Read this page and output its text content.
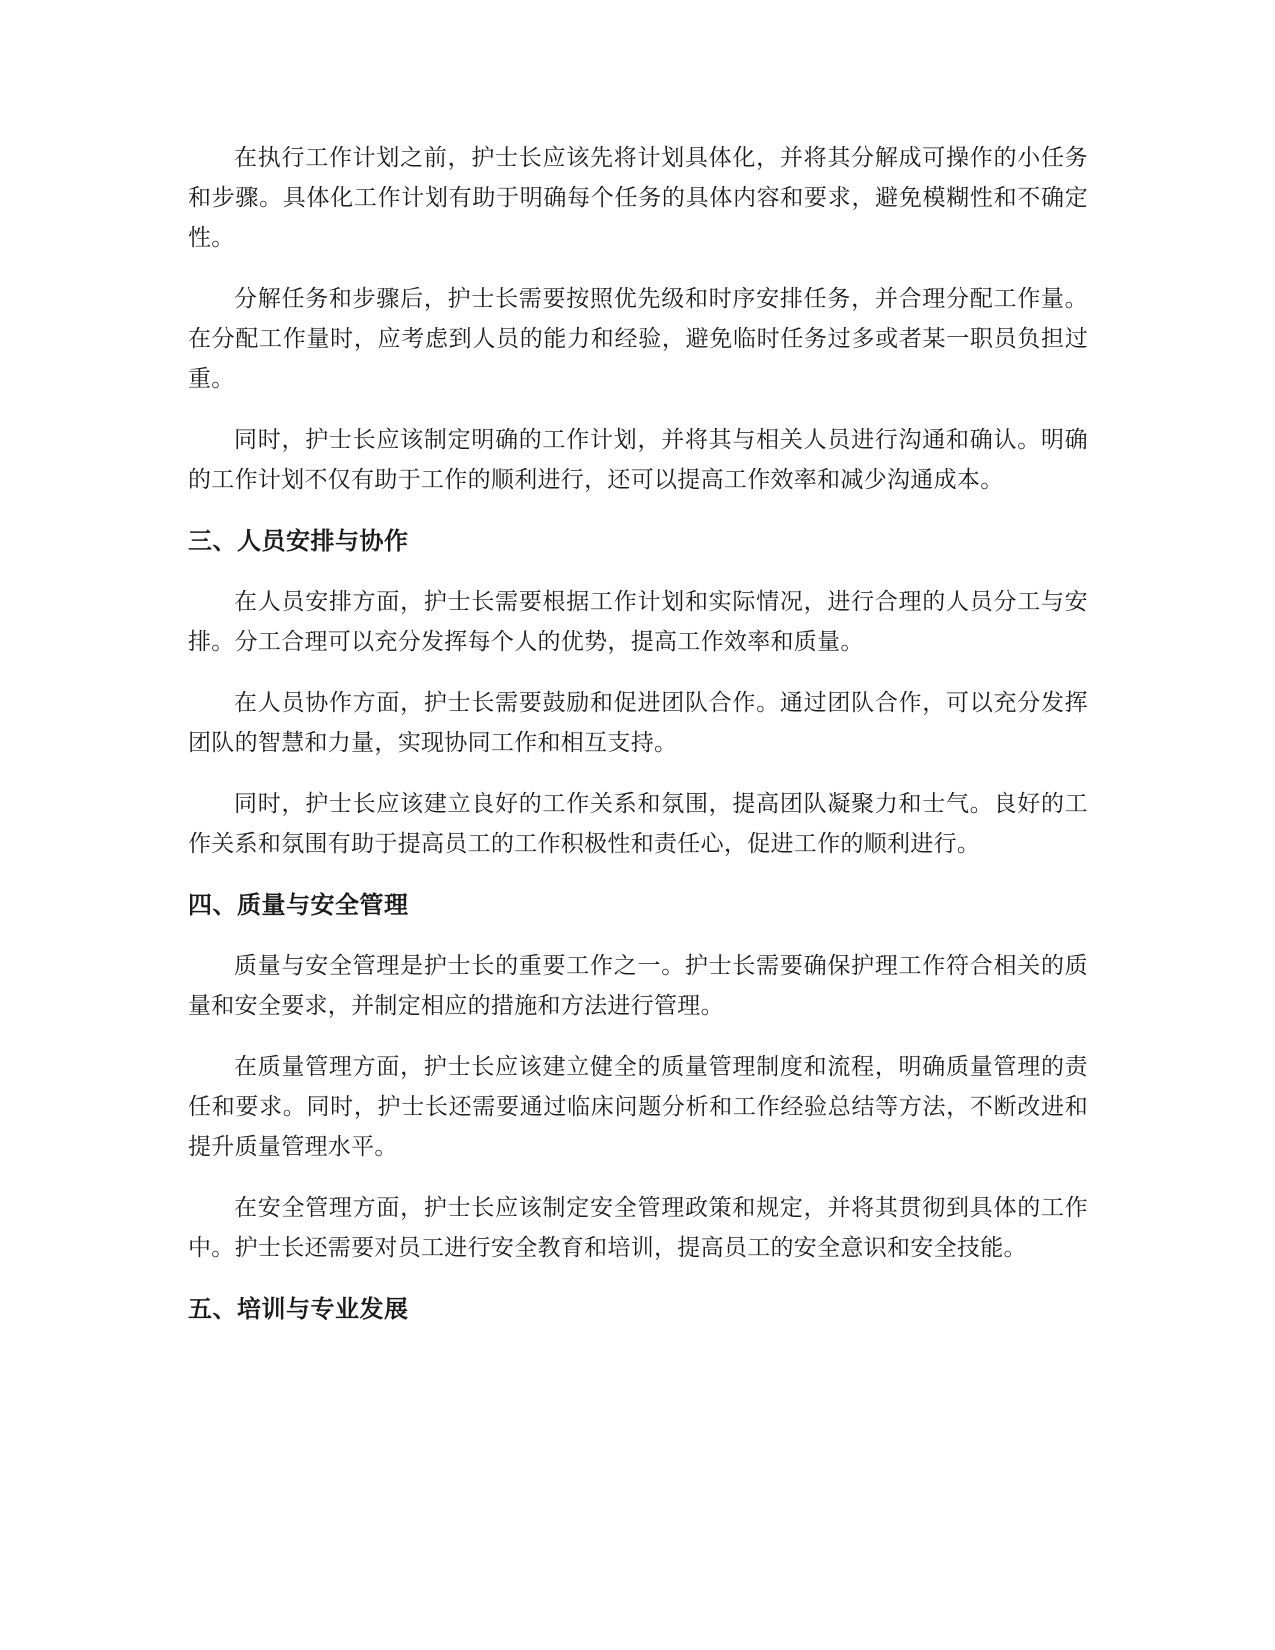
在执行工作计划之前，护士长应该先将计划具体化，并将其分解成可操作的小任务和步骤。具体化工作计划有助于明确每个任务的具体内容和要求，避免模糊性和不确定性。

分解任务和步骤后，护士长需要按照优先级和时序安排任务，并合理分配工作量。在分配工作量时，应考虑到人员的能力和经验，避免临时任务过多或者某一职员负担过重。

同时，护士长应该制定明确的工作计划，并将其与相关人员进行沟通和确认。明确的工作计划不仅有助于工作的顺利进行，还可以提高工作效率和减少沟通成本。

三、人员安排与协作

在人员安排方面，护士长需要根据工作计划和实际情况，进行合理的人员分工与安排。分工合理可以充分发挥每个人的优势，提高工作效率和质量。

在人员协作方面，护士长需要鼓励和促进团队合作。通过团队合作，可以充分发挥团队的智慧和力量，实现协同工作和相互支持。

同时，护士长应该建立良好的工作关系和氛围，提高团队凝聚力和士气。良好的工作关系和氛围有助于提高员工的工作积极性和责任心，促进工作的顺利进行。

四、质量与安全管理

质量与安全管理是护士长的重要工作之一。护士长需要确保护理工作符合相关的质量和安全要求，并制定相应的措施和方法进行管理。

在质量管理方面，护士长应该建立健全的质量管理制度和流程，明确质量管理的责任和要求。同时，护士长还需要通过临床问题分析和工作经验总结等方法，不断改进和提升质量管理水平。

在安全管理方面，护士长应该制定安全管理政策和规定，并将其贯彻到具体的工作中。护士长还需要对员工进行安全教育和培训，提高员工的安全意识和安全技能。

五、培训与专业发展
